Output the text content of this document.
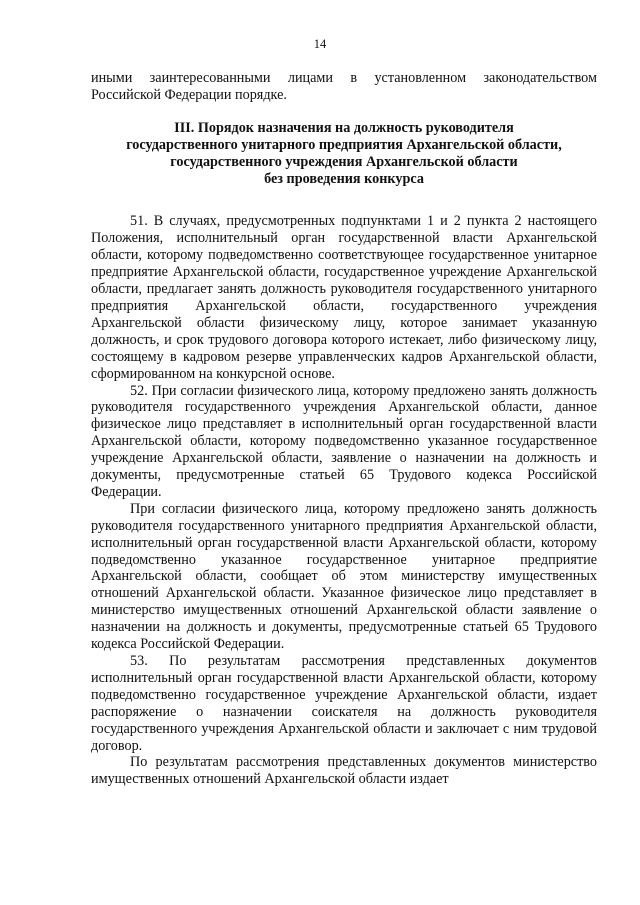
14

иными заинтересованными лицами в установленном законодательством Российской Федерации порядке.

III. Порядок назначения на должность руководителя
государственного унитарного предприятия Архангельской области,
государственного учреждения Архангельской области
без проведения конкурса

51. В случаях, предусмотренных подпунктами 1 и 2 пункта 2 настоящего Положения, исполнительный орган государственной власти Архангельской области, которому подведомственно соответствующее государственное унитарное предприятие Архангельской области, государственное учреждение Архангельской области, предлагает занять должность руководителя государственного унитарного предприятия Архангельской области, государственного учреждения Архангельской области физическому лицу, которое занимает указанную должность, и срок трудового договора которого истекает, либо физическому лицу, состоящему в кадровом резерве управленческих кадров Архангельской области, сформированном на конкурсной основе.

52. При согласии физического лица, которому предложено занять должность руководителя государственного учреждения Архангельской области, данное физическое лицо представляет в исполнительный орган государственной власти Архангельской области, которому подведомственно указанное государственное учреждение Архангельской области, заявление о назначении на должность и документы, предусмотренные статьей 65 Трудового кодекса Российской Федерации.

При согласии физического лица, которому предложено занять должность руководителя государственного унитарного предприятия Архангельской области, исполнительный орган государственной власти Архангельской области, которому подведомственно указанное государственное унитарное предприятие Архангельской области, сообщает об этом министерству имущественных отношений Архангельской области. Указанное физическое лицо представляет в министерство имущественных отношений Архангельской области заявление о назначении на должность и документы, предусмотренные статьей 65 Трудового кодекса Российской Федерации.

53. По результатам рассмотрения представленных документов исполнительный орган государственной власти Архангельской области, которому подведомственно государственное учреждение Архангельской области, издает распоряжение о назначении соискателя на должность руководителя государственного учреждения Архангельской области и заключает с ним трудовой договор.

По результатам рассмотрения представленных документов министерство имущественных отношений Архангельской области издает
